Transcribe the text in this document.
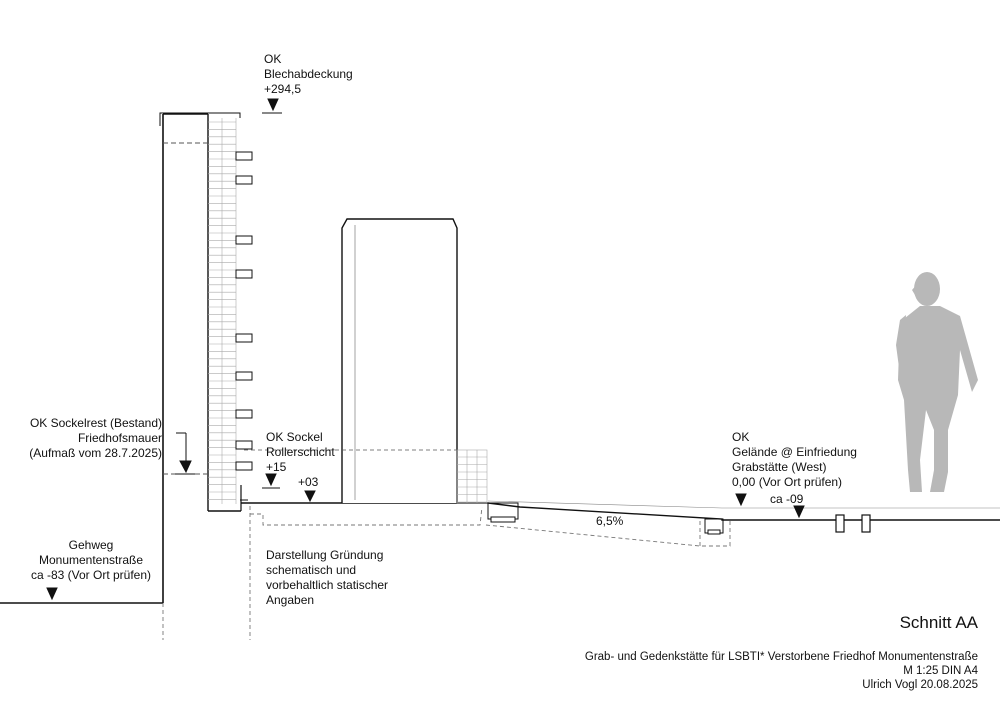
OK
Blechabdeckung
+294,5
OK Sockelrest (Bestand)
Friedhofsmauer
(Aufmaß vom 28.7.2025)
OK Sockel
Rollerschicht
+15
+03
Gehweg
Monumentenstraße
ca -83 (Vor Ort prüfen)
Darstellung Gründung
schematisch und
vorbehaltlich statischer
Angaben
6,5%
OK
Gelände @ Einfriedung
Grabstätte (West)
0,00 (Vor Ort prüfen)
ca -09
Schnitt AA
Grab- und Gedenkstätte für LSBTI* Verstorbene Friedhof Monumentenstraße
M 1:25 DIN A4
Ulrich Vogl 20.08.2025
